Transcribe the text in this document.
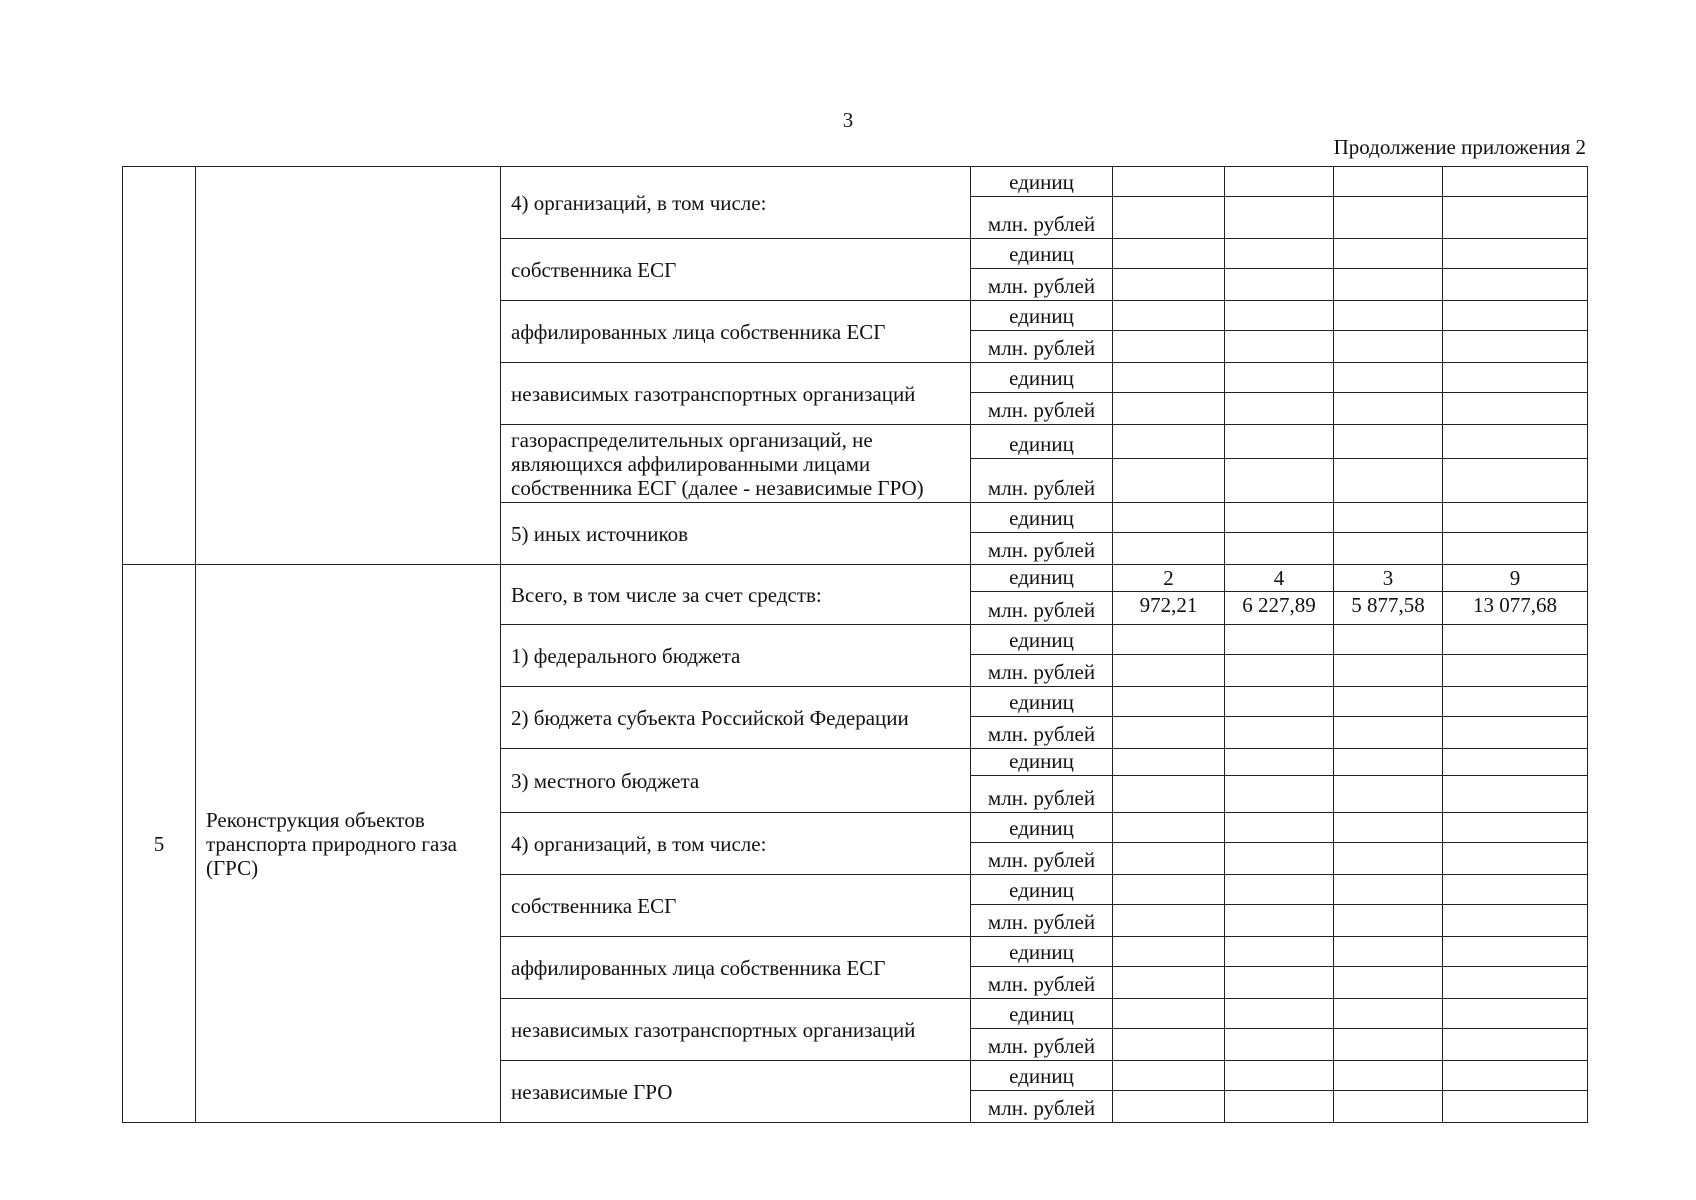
3
Продолжение приложения 2
		4) организаций, в том числе:	единиц				
			млн. рублей				
		собственника ЕСГ	единиц				
			млн. рублей				
		аффилированных лица собственника ЕСГ	единиц				
			млн. рублей				
		независимых газотранспортных организаций	единиц				
			млн. рублей				
		газораспределительных организаций, не являющихся аффилированными лицами собственника ЕСГ (далее - независимые ГРО)	единиц				
			млн. рублей				
		5) иных источников	единиц				
			млн. рублей				
5	Реконструкция объектов транспорта природного газа (ГРС)	Всего, в том числе за счет средств:	единиц	2	4	3	9
			млн. рублей	972,21	6 227,89	5 877,58	13 077,68
		1) федерального бюджета	единиц				
			млн. рублей				
		2) бюджета субъекта Российской Федерации	единиц				
			млн. рублей				
		3) местного бюджета	единиц				
			млн. рублей				
		4) организаций, в том числе:	единиц				
			млн. рублей				
		собственника ЕСГ	единиц				
			млн. рублей				
		аффилированных лица собственника ЕСГ	единиц				
			млн. рублей				
		независимых газотранспортных организаций	единиц				
			млн. рублей				
		независимые ГРО	единиц				
			млн. рублей				
